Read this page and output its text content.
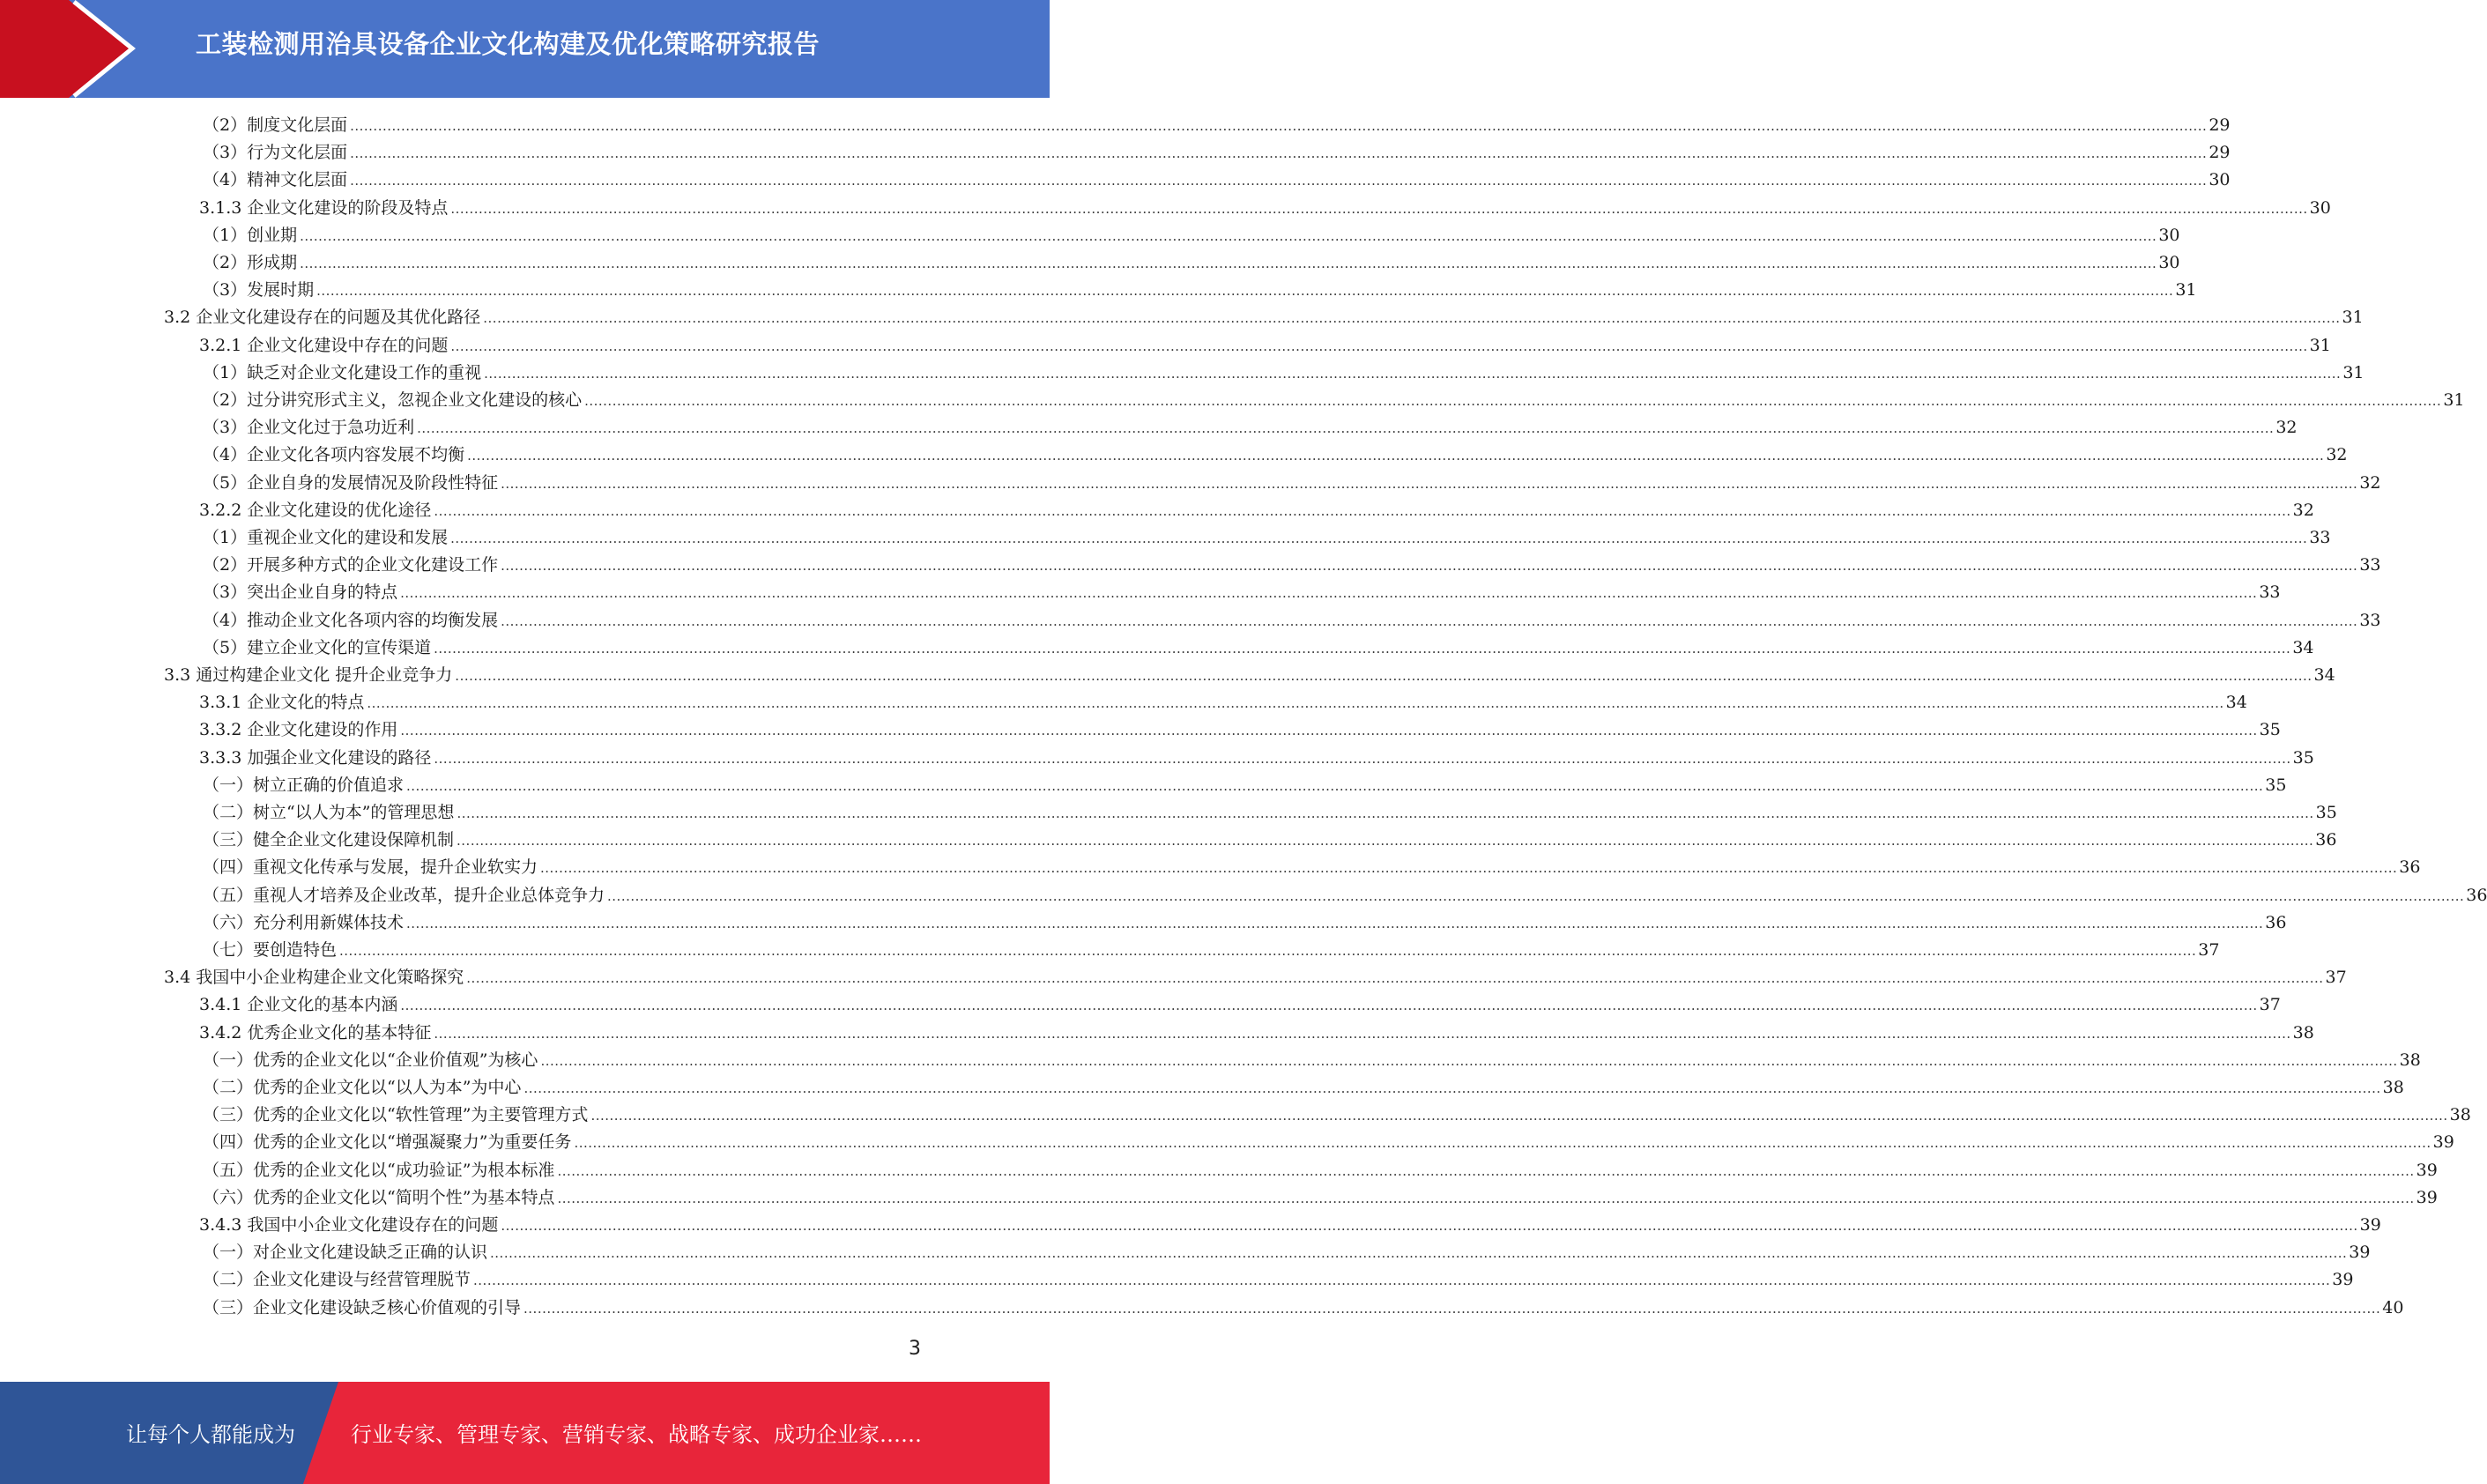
工装检测用治具设备企业文化构建及优化策略研究报告
（2）制度文化层面 ................................................................................................................................................................................................................................................................................................................................................................................................................ 29
（3）行为文化层面 ................................................................................................................................................................................................................................................................................................................................................................................................................ 29
（4）精神文化层面 ................................................................................................................................................................................................................................................................................................................................................................................................................ 30
3.1.3 企业文化建设的阶段及特点 ................................................................................................................................................................................................................................................................................................................................................................................................................ 30
（1）创业期 ................................................................................................................................................................................................................................................................................................................................................................................................................ 30
（2）形成期 ................................................................................................................................................................................................................................................................................................................................................................................................................ 30
（3）发展时期 ................................................................................................................................................................................................................................................................................................................................................................................................................ 31
3.2 企业文化建设存在的问题及其优化路径 ................................................................................................................................................................................................................................................................................................................................................................................................................ 31
3.2.1 企业文化建设中存在的问题 ................................................................................................................................................................................................................................................................................................................................................................................................................ 31
（1）缺乏对企业文化建设工作的重视 ................................................................................................................................................................................................................................................................................................................................................................................................................ 31
（2）过分讲究形式主义，忽视企业文化建设的核心 ................................................................................................................................................................................................................................................................................................................................................................................................................ 31
（3）企业文化过于急功近利 ................................................................................................................................................................................................................................................................................................................................................................................................................ 32
（4）企业文化各项内容发展不均衡 ................................................................................................................................................................................................................................................................................................................................................................................................................ 32
（5）企业自身的发展情况及阶段性特征 ................................................................................................................................................................................................................................................................................................................................................................................................................ 32
3.2.2 企业文化建设的优化途径 ................................................................................................................................................................................................................................................................................................................................................................................................................ 32
（1）重视企业文化的建设和发展 ................................................................................................................................................................................................................................................................................................................................................................................................................ 33
（2）开展多种方式的企业文化建设工作 ................................................................................................................................................................................................................................................................................................................................................................................................................ 33
（3）突出企业自身的特点 ................................................................................................................................................................................................................................................................................................................................................................................................................ 33
（4）推动企业文化各项内容的均衡发展 ................................................................................................................................................................................................................................................................................................................................................................................................................ 33
（5）建立企业文化的宣传渠道 ................................................................................................................................................................................................................................................................................................................................................................................................................ 34
3.3 通过构建企业文化 提升企业竞争力 ................................................................................................................................................................................................................................................................................................................................................................................................................ 34
3.3.1 企业文化的特点 ................................................................................................................................................................................................................................................................................................................................................................................................................ 34
3.3.2 企业文化建设的作用 ................................................................................................................................................................................................................................................................................................................................................................................................................ 35
3.3.3 加强企业文化建设的路径 ................................................................................................................................................................................................................................................................................................................................................................................................................ 35
（一）树立正确的价值追求 ................................................................................................................................................................................................................................................................................................................................................................................................................ 35
（二）树立“以人为本”的管理思想 ................................................................................................................................................................................................................................................................................................................................................................................................................ 35
（三）健全企业文化建设保障机制 ................................................................................................................................................................................................................................................................................................................................................................................................................ 36
（四）重视文化传承与发展，提升企业软实力 ................................................................................................................................................................................................................................................................................................................................................................................................................ 36
（五）重视人才培养及企业改革，提升企业总体竞争力 ................................................................................................................................................................................................................................................................................................................................................................................................................ 36
（六）充分利用新媒体技术 ................................................................................................................................................................................................................................................................................................................................................................................................................ 36
（七）要创造特色 ................................................................................................................................................................................................................................................................................................................................................................................................................ 37
3.4 我国中小企业构建企业文化策略探究 ................................................................................................................................................................................................................................................................................................................................................................................................................ 37
3.4.1 企业文化的基本内涵 ................................................................................................................................................................................................................................................................................................................................................................................................................ 37
3.4.2 优秀企业文化的基本特征 ................................................................................................................................................................................................................................................................................................................................................................................................................ 38
（一）优秀的企业文化以“企业价值观”为核心 ................................................................................................................................................................................................................................................................................................................................................................................................................ 38
（二）优秀的企业文化以“以人为本”为中心 ................................................................................................................................................................................................................................................................................................................................................................................................................ 38
（三）优秀的企业文化以“软性管理”为主要管理方式 ................................................................................................................................................................................................................................................................................................................................................................................................................ 38
（四）优秀的企业文化以“增强凝聚力”为重要任务 ................................................................................................................................................................................................................................................................................................................................................................................................................ 39
（五）优秀的企业文化以“成功验证”为根本标准 ................................................................................................................................................................................................................................................................................................................................................................................................................ 39
（六）优秀的企业文化以“简明个性”为基本特点 ................................................................................................................................................................................................................................................................................................................................................................................................................ 39
3.4.3 我国中小企业文化建设存在的问题 ................................................................................................................................................................................................................................................................................................................................................................................................................ 39
（一）对企业文化建设缺乏正确的认识 ................................................................................................................................................................................................................................................................................................................................................................................................................ 39
（二）企业文化建设与经营管理脱节 ................................................................................................................................................................................................................................................................................................................................................................................................................ 39
（三）企业文化建设缺乏核心价值观的引导 ................................................................................................................................................................................................................................................................................................................................................................................................................ 40
3
让每个人都能成为	行业专家、管理专家、营销专家、战略专家、成功企业家……
